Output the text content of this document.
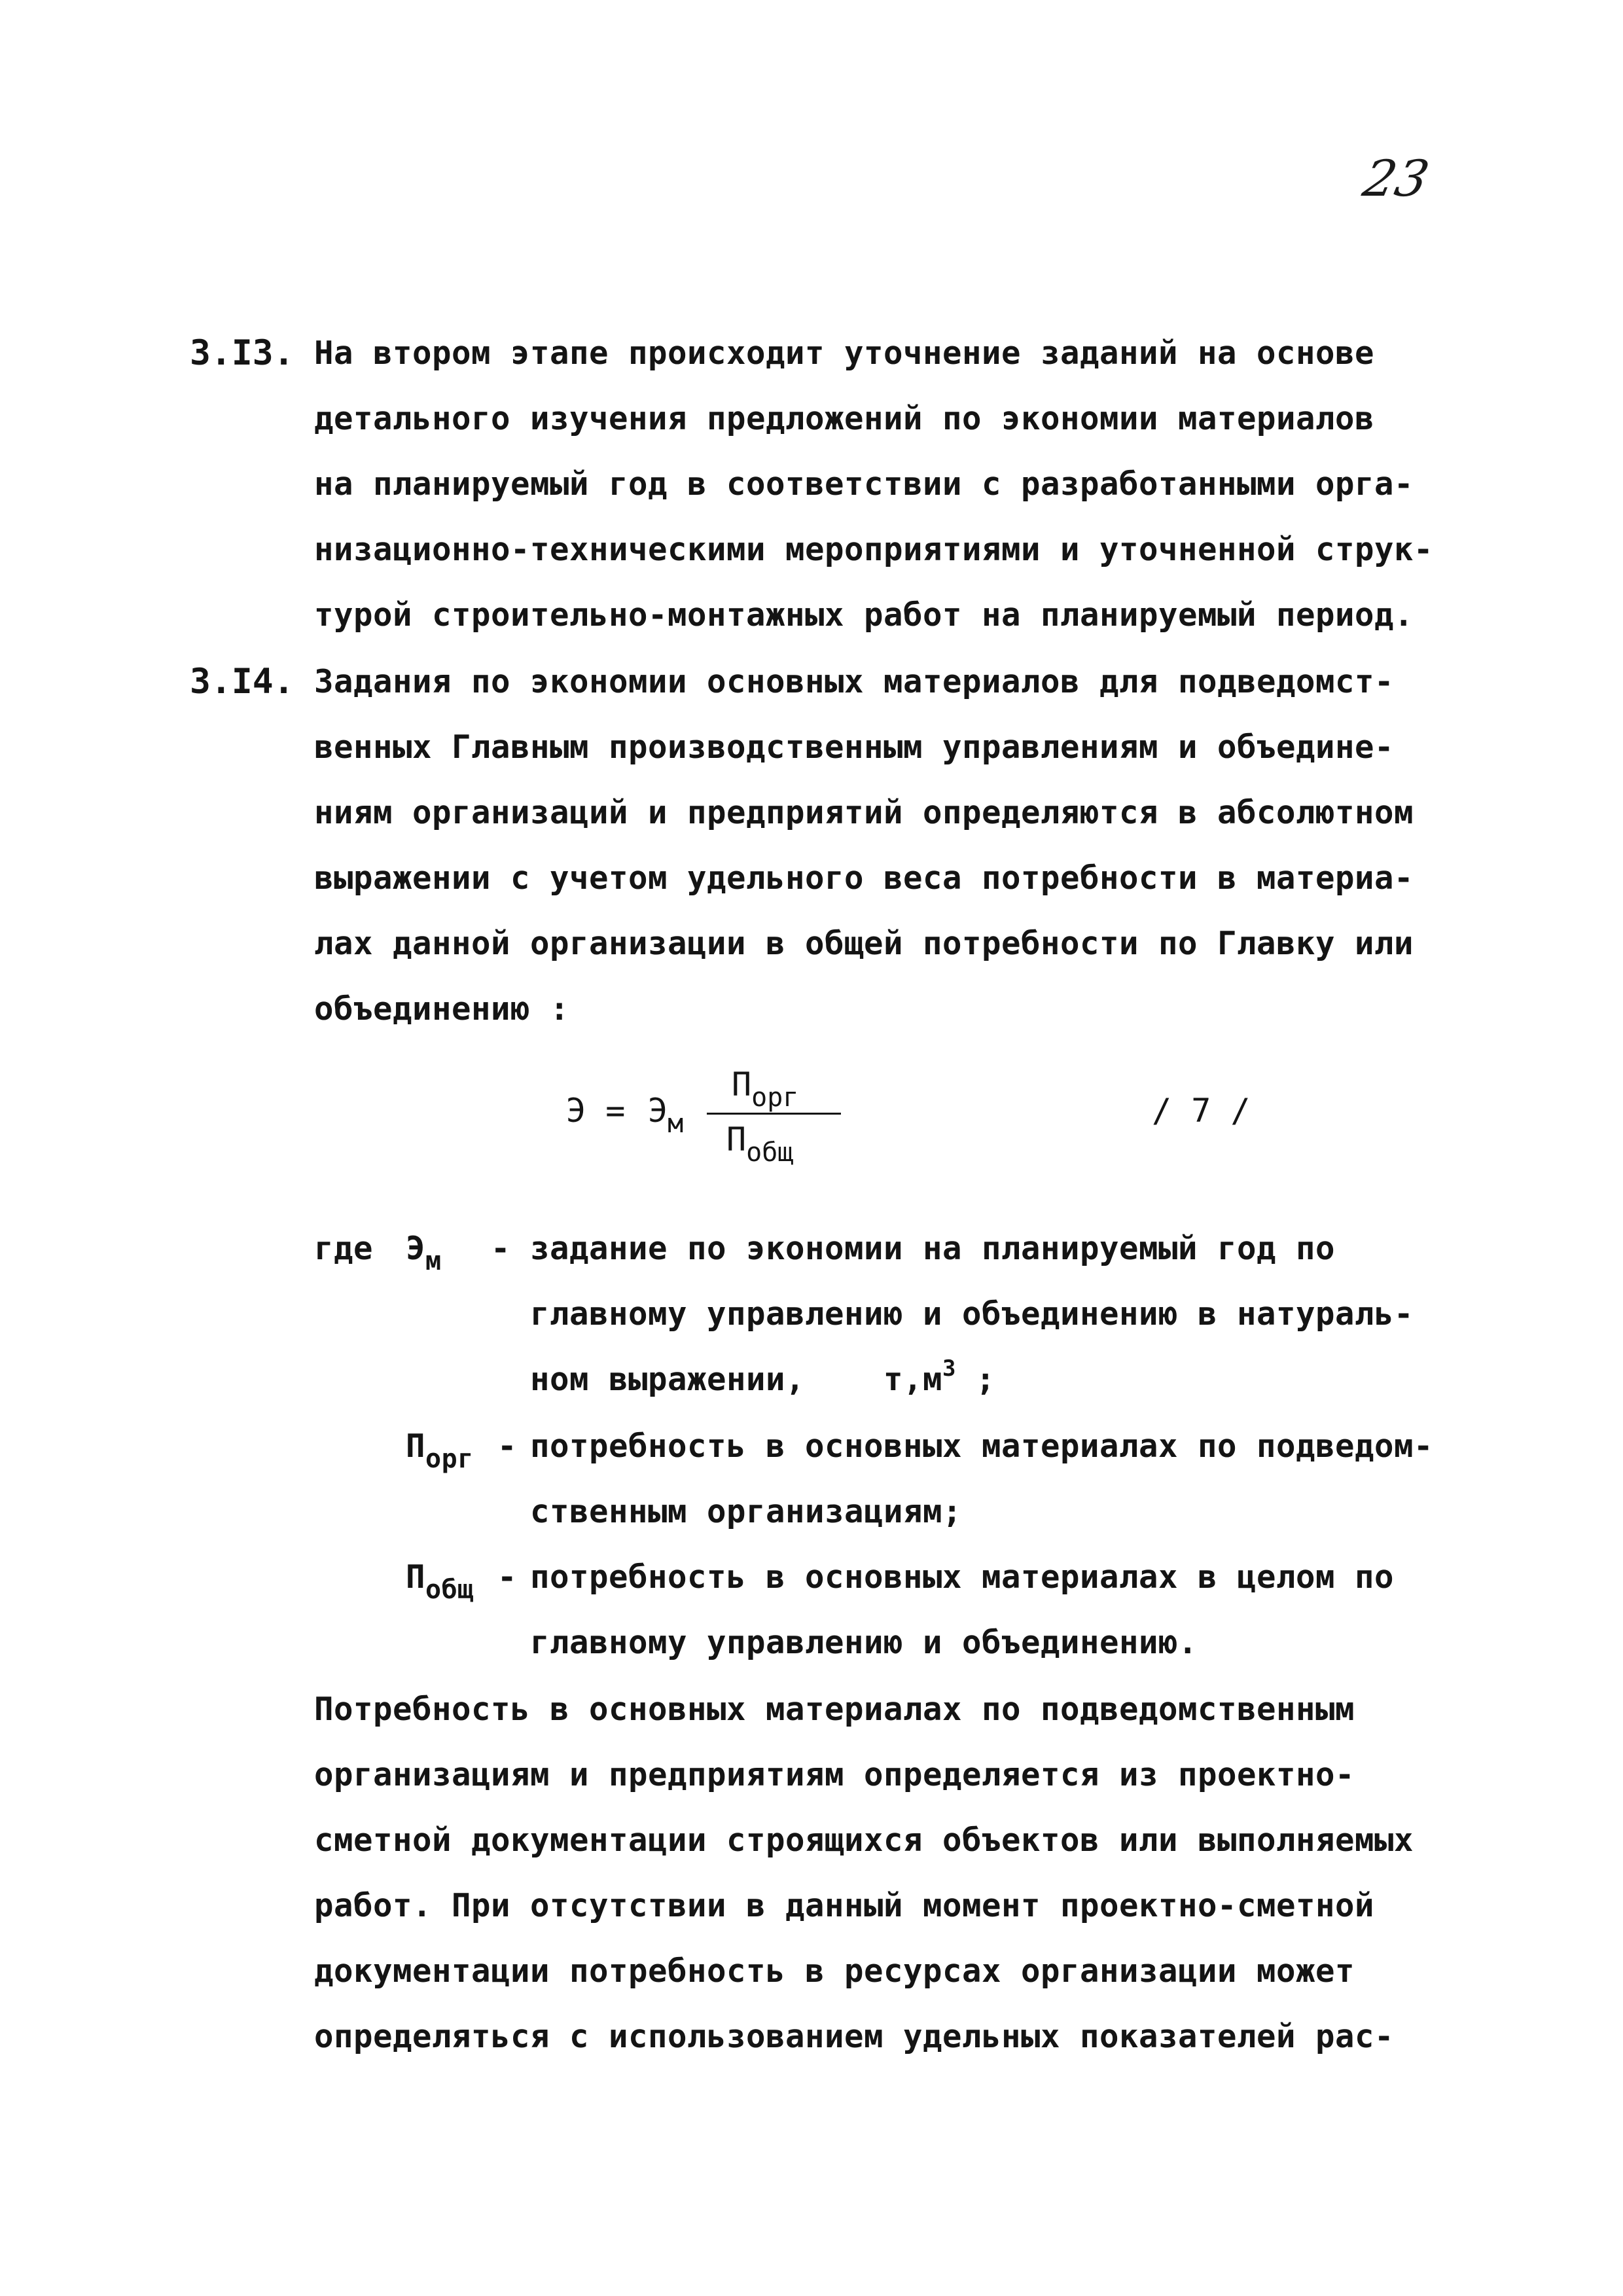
23
3.I3. На втором этапе происходит уточнение заданий на основе
детального изучения предложений по экономии материалов
на планируемый год в соответствии с разработанными орга-
низационно-техническими мероприятиями и уточненной струк-
турой строительно-монтажных работ на планируемый период.
3.I4. Задания по экономии основных материалов для подведомст-
венных Главным производственным управлениям и объедине-
ниям организаций и предприятий определяются в абсолютном
выражении с учетом удельного веса потребности в материа-
лах данной организации в общей потребности по Главку или
объединению :
$Э = Э_м$
$П_{орг}$
$П_{общ}$
/ 7 /
где $Э_м$ - задание по экономии на планируемый год по
главному управлению и объединению в натураль-
ном выражении,    $т,м^3$ ;
$П_{орг}$ -
потребность в основных материалах по подведом-
ственным организациям;
$П_{общ}$ -
потребность в основных материалах в целом по
главному управлению и объединению.
Потребность в основных материалах по подведомственным
организациям и предприятиям определяется из проектно-
сметной документации строящихся объектов или выполняемых
работ. При отсутствии в данный момент проектно-сметной
документации потребность в ресурсах организации может
определяться с использованием удельных показателей рас-
